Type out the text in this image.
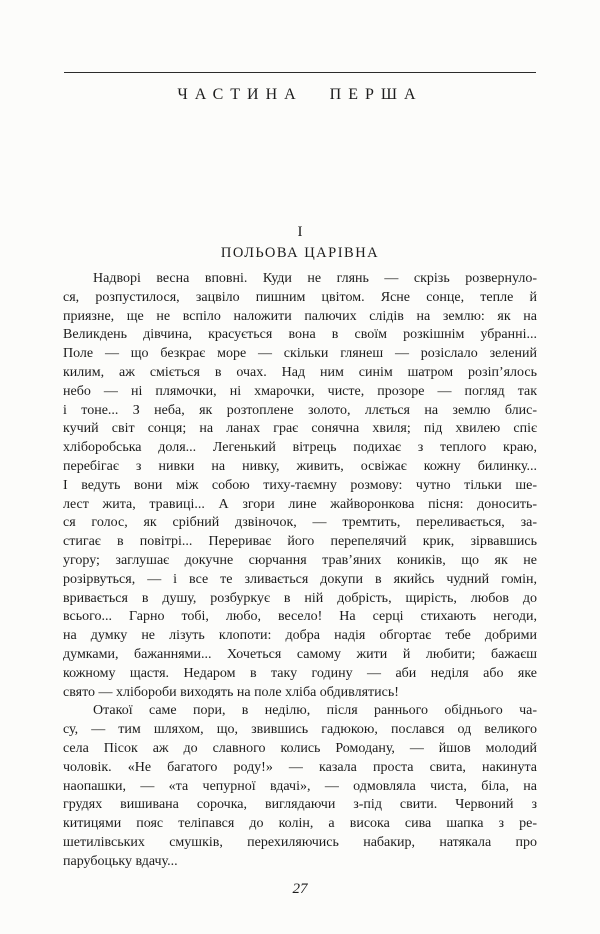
ЧАСТИНА ПЕРША
I
ПОЛЬОВА ЦАРІВНА
Надворі весна вповні. Куди не глянь — скрізь розвернуло-
ся, розпустилося, зацвіло пишним цвітом. Ясне сонце, тепле й
приязне, ще не вспіло наложити палючих слідів на землю: як на
Великдень дівчина, красується вона в своїм розкішнім убранні...
Поле — що безкрає море — скільки глянеш — розіслало зелений
килим, аж сміється в очах. Над ним синім шатром розіп’ялось
небо — ні плямочки, ні хмарочки, чисте, прозоре — погляд так
і тоне... З неба, як розтоплене золото, ллється на землю блис-
кучий світ сонця; на ланах грає сонячна хвиля; під хвилею спіє
хліборобська доля... Легенький вітрець подихає з теплого краю,
перебігає з нивки на нивку, живить, освіжає кожну билинку...
І ведуть вони між собою тиху-таємну розмову: чутно тільки ше-
лест жита, травиці... А згори лине жайворонкова пісня: доносить-
ся голос, як срібний дзвіночок, — тремтить, переливається, за-
стигає в повітрі... Перериває його перепелячий крик, зірвавшись
угору; заглушає докучне сюрчання трав’яних коників, що як не
розірвуться, — і все те зливається докупи в якийсь чудний гомін,
вривається в душу, розбуркує в ній добрість, щирість, любов до
всього... Гарно тобі, любо, весело! На серці стихають негоди,
на думку не лізуть клопоти: добра надія обгортає тебе добрими
думками, бажаннями... Хочеться самому жити й любити; бажаєш
кожному щастя. Недаром в таку годину — аби неділя або яке
свято — хлібороби виходять на поле хліба обдивлятись!
Отакої саме пори, в неділю, після раннього обіднього ча-
су, — тим шляхом, що, звившись гадюкою, послався од великого
села Пісок аж до славного колись Ромодану, — йшов молодий
чоловік. «Не багатого роду!» — казала проста свита, накинута
наопашки, — «та чепурної вдачі», — одмовляла чиста, біла, на
грудях вишивана сорочка, виглядаючи з-під свити. Червоний з
китицями пояс теліпався до колін, а висока сива шапка з ре-
шетилівських смушків, перехиляючись набакир, натякала про
парубоцьку вдачу...
27
